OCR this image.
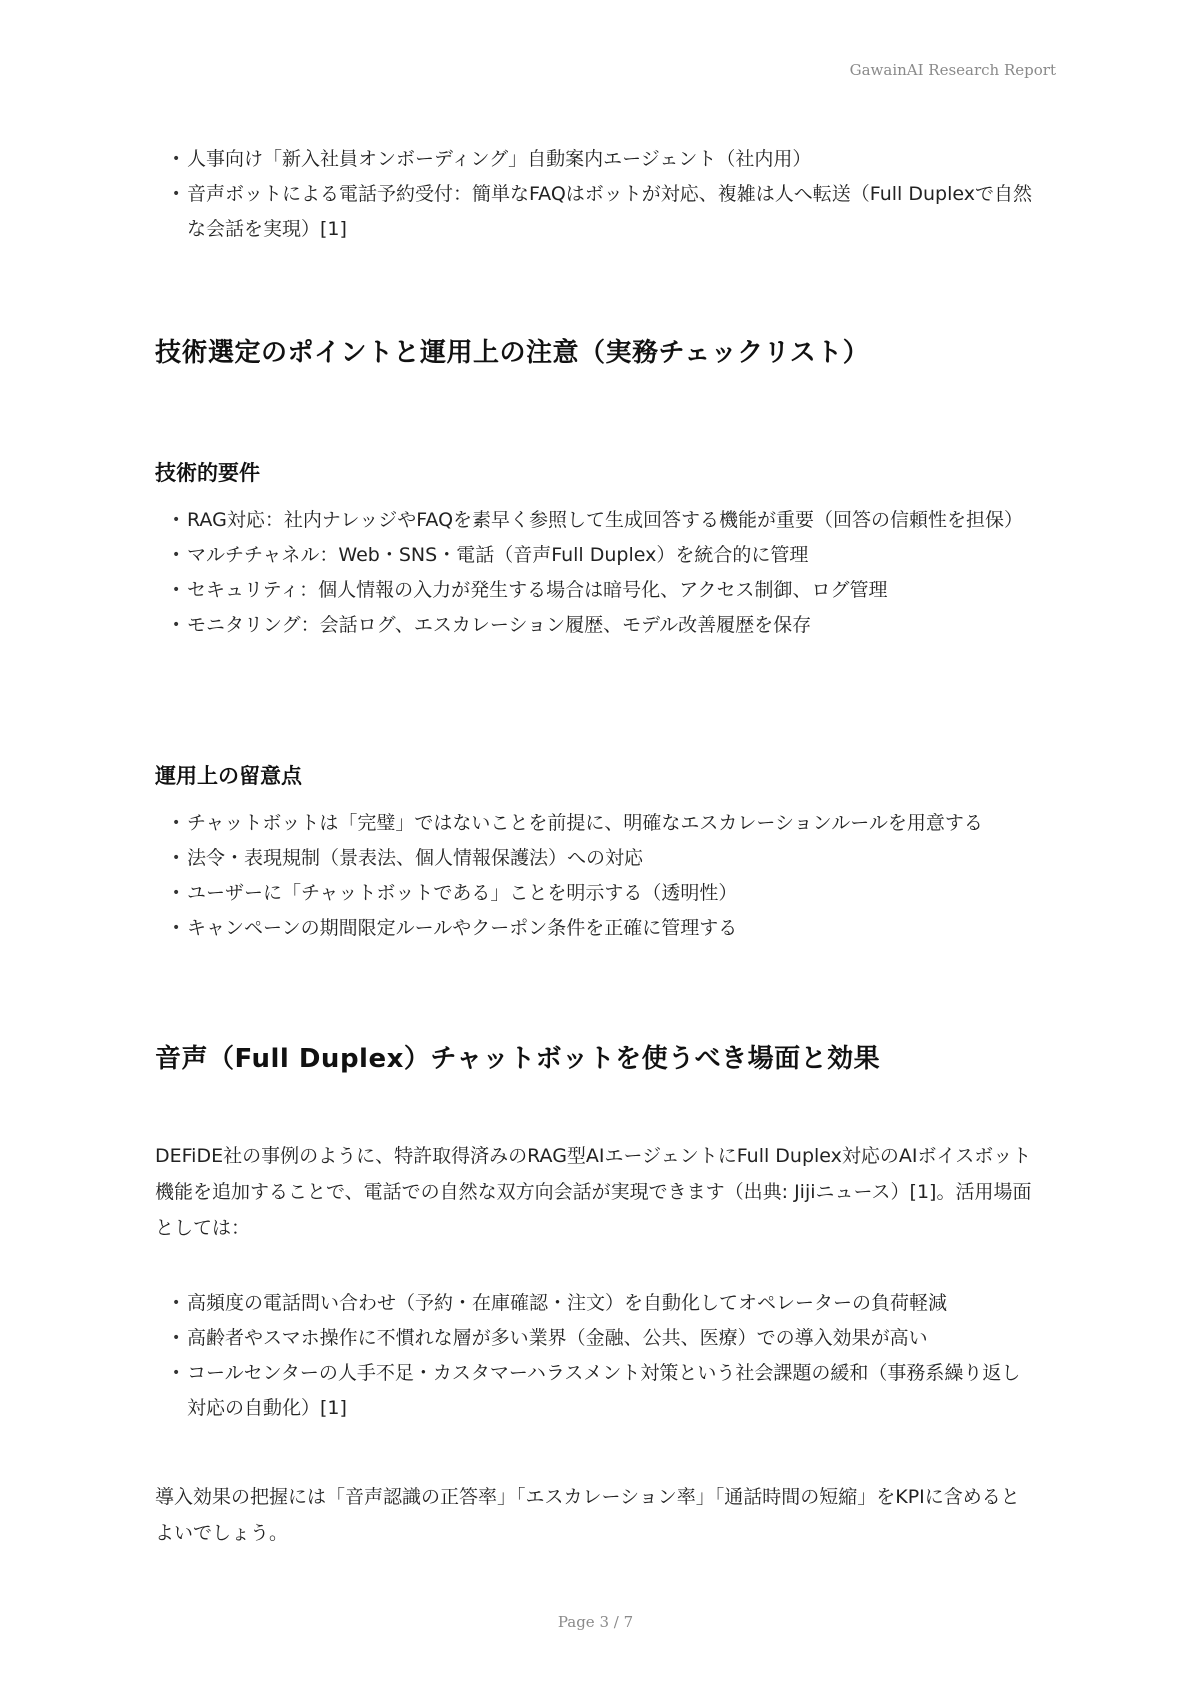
GawainAI Research Report
• 人事向け「新入社員オンボーディング」自動案内エージェント（社内用）
• 音声ボットによる電話予約受付：簡単なFAQはボットが対応、複雑は人へ転送（Full Duplexで自然な会話を実現）[1]
技術選定のポイントと運用上の注意（実務チェックリスト）
技術的要件
• RAG対応：社内ナレッジやFAQを素早く参照して生成回答する機能が重要（回答の信頼性を担保）
• マルチチャネル：Web・SNS・電話（音声Full Duplex）を統合的に管理
• セキュリティ：個人情報の入力が発生する場合は暗号化、アクセス制御、ログ管理
• モニタリング：会話ログ、エスカレーション履歴、モデル改善履歴を保存
運用上の留意点
• チャットボットは「完璧」ではないことを前提に、明確なエスカレーションルールを用意する
• 法令・表現規制（景表法、個人情報保護法）への対応
• ユーザーに「チャットボットである」ことを明示する（透明性）
• キャンペーンの期間限定ルールやクーポン条件を正確に管理する
音声（Full Duplex）チャットボットを使うべき場面と効果

DEFiDE社の事例のように、特許取得済みのRAG型AIエージェントにFull Duplex対応のAIボイスボット機能を追加することで、電話での自然な双方向会話が実現できます（出典: Jijiニュース）[1]。活用場面としては：

• 高頻度の電話問い合わせ（予約・在庫確認・注文）を自動化してオペレーターの負荷軽減
• 高齢者やスマホ操作に不慣れな層が多い業界（金融、公共、医療）での導入効果が高い
• コールセンターの人手不足・カスタマーハラスメント対策という社会課題の緩和（事務系繰り返し対応の自動化）[1]

導入効果の把握には「音声認識の正答率」「エスカレーション率」「通話時間の短縮」をKPIに含めるとよいでしょう。

Page 3 / 7
